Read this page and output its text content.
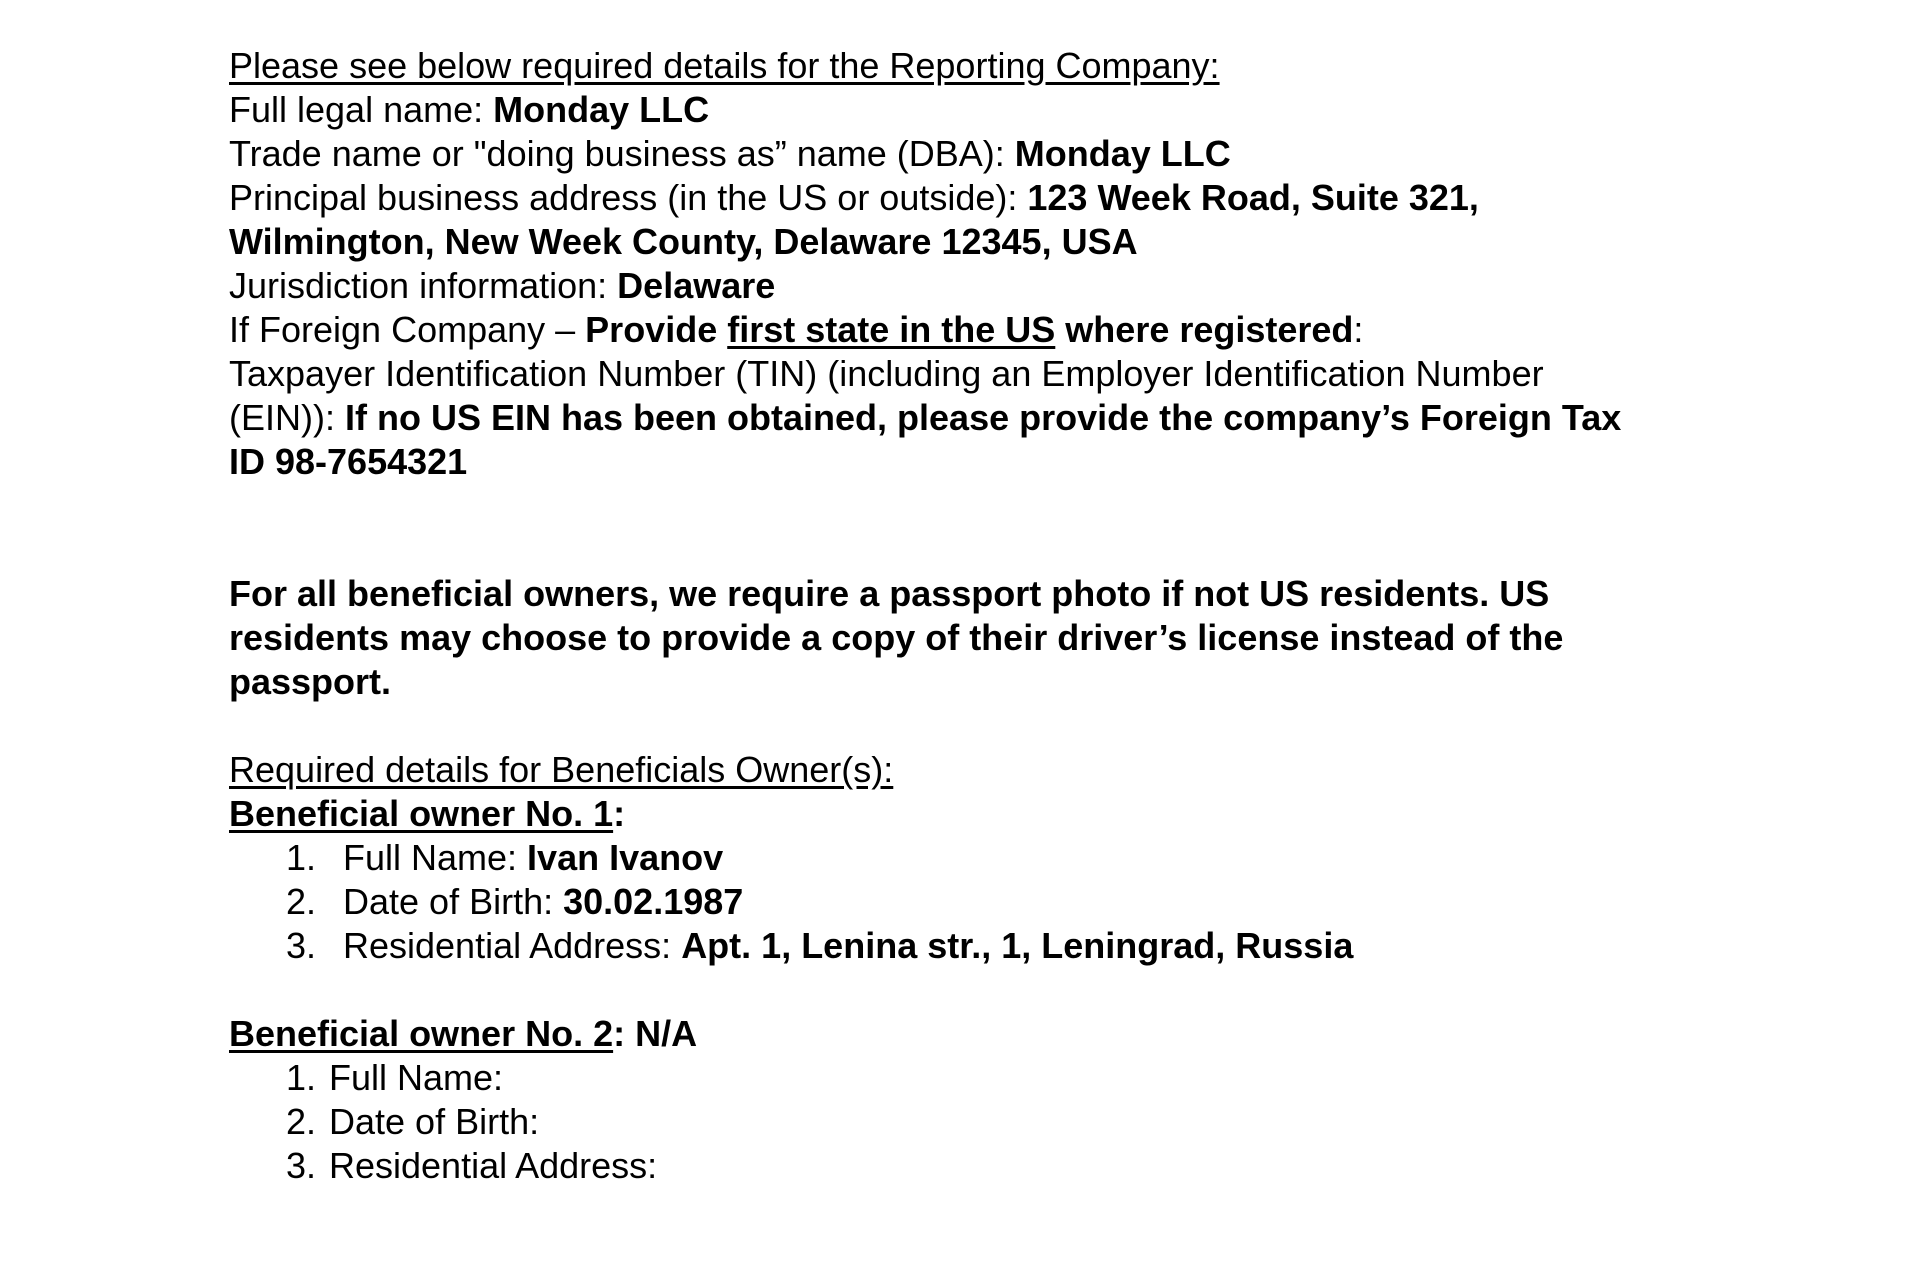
Please see below required details for the Reporting Company:

Full legal name: Monday LLC

Trade name or "doing business as” name (DBA): Monday LLC

Principal business address (in the US or outside): 123 Week Road, Suite 321,

Wilmington, New Week County, Delaware 12345, USA

Jurisdiction information: Delaware

If Foreign Company – Provide first state in the US where registered:

Taxpayer Identification Number (TIN) (including an Employer Identification Number

(EIN)): If no US EIN has been obtained, please provide the company’s Foreign Tax

ID 98-7654321

For all beneficial owners, we require a passport photo if not US residents. US residents may choose to provide a copy of their driver’s license instead of the passport.

Required details for Beneficials Owner(s):

Beneficial owner No. 1:

1. Full Name: Ivan Ivanov
2. Date of Birth: 30.02.1987
3. Residential Address: Apt. 1, Lenina str., 1, Leningrad, Russia

Beneficial owner No. 2: N/A

1. Full Name:
2. Date of Birth:
3. Residential Address:
